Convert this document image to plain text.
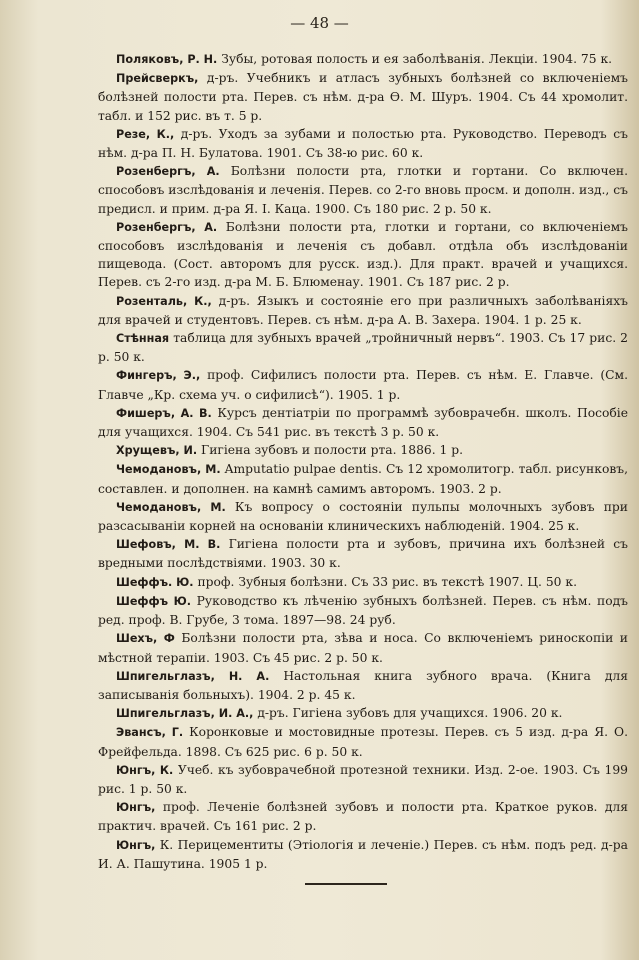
— 48 —

Поляковъ, Р. Н. Зубы, ротовая полость и ея заболѣванія. Лекціи. 1904. 75 к.

Прейсверкъ, д-ръ. Учебникъ и атласъ зубныхъ болѣзней со включеніемъ болѣзней полости рта. Перев. съ нѣм. д-ра Ѳ. М. Шуръ. 1904. Съ 44 хромолит. табл. и 152 рис. въ т. 5 р.

Резе, К., д-ръ. Уходъ за зубами и полостью рта. Руководство. Переводъ съ нѣм. д-ра П. Н. Булатова. 1901. Съ 38-ю рис. 60 к.

Розенбергъ, А. Болѣзни полости рта, глотки и гортани. Со включен. способовъ изслѣдованія и леченія. Перев. со 2-го вновь просм. и дополн. изд., съ предисл. и прим. д-ра Я. I. Каца. 1900. Съ 180 рис. 2 р. 50 к.

Розенбергъ, А. Болѣзни полости рта, глотки и гортани, со включеніемъ способовъ изслѣдованія и леченія съ добавл. отдѣла объ изслѣдованіи пищевода. (Сост. авторомъ для русск. изд.). Для практ. врачей и учащихся. Перев. съ 2-го изд. д-ра М. Б. Блюменау. 1901. Съ 187 рис. 2 р.

Розенталь, К., д-ръ. Языкъ и состояніе его при различныхъ заболѣваніяхъ для врачей и студентовъ. Перев. съ нѣм. д-ра А. В. Захера. 1904. 1 р. 25 к.

Стѣнная таблица для зубныхъ врачей „тройничный нервъ“. 1903. Съ 17 рис. 2 р. 50 к.

Фингеръ, Э., проф. Сифилисъ полости рта. Перев. съ нѣм. Е. Главче. (См. Главче „Кр. схема уч. о сифилисѣ“). 1905. 1 р.

Фишеръ, А. В. Курсъ дентіатріи по программѣ зубоврачебн. школъ. Пособіе для учащихся. 1904. Съ 541 рис. въ текстѣ 3 р. 50 к.

Хрущевъ, И. Гигіена зубовъ и полости рта. 1886. 1 р.

Чемодановъ, М. Amputatio pulpae dentis. Съ 12 хромолитогр. табл. рисунковъ, составлен. и дополнен. на камнѣ самимъ авторомъ. 1903. 2 р.

Чемодановъ, М. Къ вопросу о состояніи пульпы молочныхъ зубовъ при разсасываніи корней на основаніи клиническихъ наблюденій. 1904. 25 к.

Шефовъ, М. В. Гигіена полости рта и зубовъ, причина ихъ болѣзней съ вредными послѣдствіями. 1903. 30 к.

Шеффъ. Ю. проф. Зубныя болѣзни. Съ 33 рис. въ текстѣ 1907. Ц. 50 к.

Шеффъ Ю. Руководство къ лѣченію зубныхъ болѣзней. Перев. съ нѣм. подъ ред. проф. В. Грубе, 3 тома. 1897—98. 24 руб.

Шехъ, Ф Болѣзни полости рта, зѣва и носа. Со включеніемъ риноскопіи и мѣстной терапіи. 1903. Съ 45 рис. 2 р. 50 к.

Шпигельглазъ, Н. А. Настольная книга зубного врача. (Книга для записыванія больныхъ). 1904. 2 р. 45 к.

Шпигельглазъ, И. А., д-ръ. Гигіена зубовъ для учащихся. 1906. 20 к.

Эвансъ, Г. Коронковые и мостовидные протезы. Перев. съ 5 изд. д-ра Я. О. Фрейфельда. 1898. Съ 625 рис. 6 р. 50 к.

Юнгъ, К. Учеб. къ зубоврачебной протезной техники. Изд. 2-ое. 1903. Съ 199 рис. 1 р. 50 к.

Юнгъ, проф. Леченіе болѣзней зубовъ и полости рта. Краткое руков. для практич. врачей. Съ 161 рис. 2 р.

Юнгъ, К. Перицементиты (Этіологія и леченіе.) Перев. съ нѣм. подъ ред. д-ра И. А. Пашутина. 1905 1 р.
